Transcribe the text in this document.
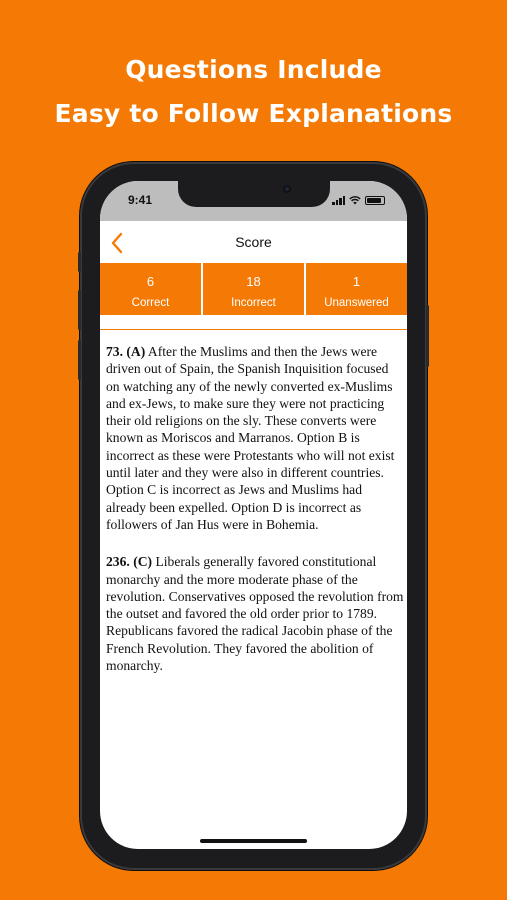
Questions Include
Easy to Follow Explanations
9:41
Score
6
Correct
18
Incorrect
1
Unanswered

73. (A) After the Muslims and then the Jews were driven out of Spain, the Spanish Inquisition focused on watching any of the newly converted ex-Muslims and ex-Jews, to make sure they were not practicing their old religions on the sly. These converts were known as Moriscos and Marranos. Option B is incorrect as these were Protestants who will not exist until later and they were also in different countries. Option C is incorrect as Jews and Muslims had already been expelled. Option D is incorrect as followers of Jan Hus were in Bohemia.

236. (C) Liberals generally favored constitutional monarchy and the more moderate phase of the revolution. Conservatives opposed the revolution from the outset and favored the old order prior to 1789. Republicans favored the radical Jacobin phase of the French Revolution. They favored the abolition of monarchy.
